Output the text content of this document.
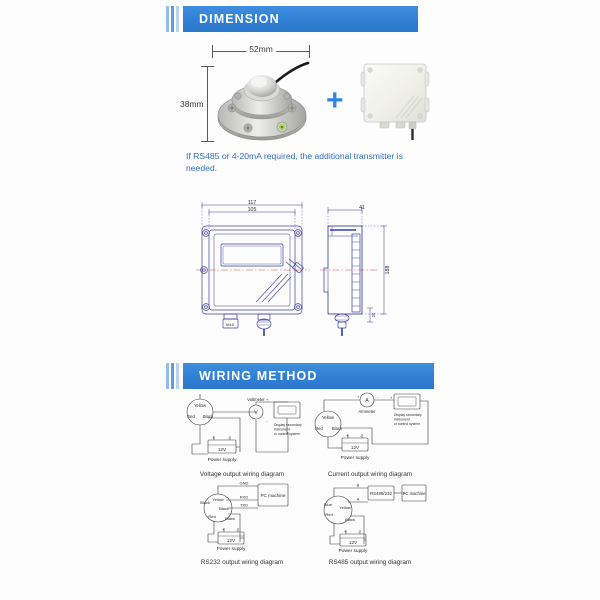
DIMENSION
52mm
38mm	+
If RS485 or 4-20mA required, the additional transmitter is needed.
117
105	41
M16
188
20
WIRING METHOD
Yellow
Red Black
Voltmeter
V
12V
Power supply
+	-
+
-
Display secondary
instrument
or control system
Voltage output wiring diagram
Yellow
Red Black
Ammeter
A
12V
Power supply
+	-
+	-	+	-
Display secondary
instrument
or control system
Current output wiring diagram
Black
Yellow
Black
Red Black
GND
RXD
TXD
PC machine
12V
Power supply
+	-
RS232 output wiring diagram
Blue
Yellow
Red
Black
B
A
RS485/232	PC machine
12V
Power supply
+	-
RS485 output wiring diagram
